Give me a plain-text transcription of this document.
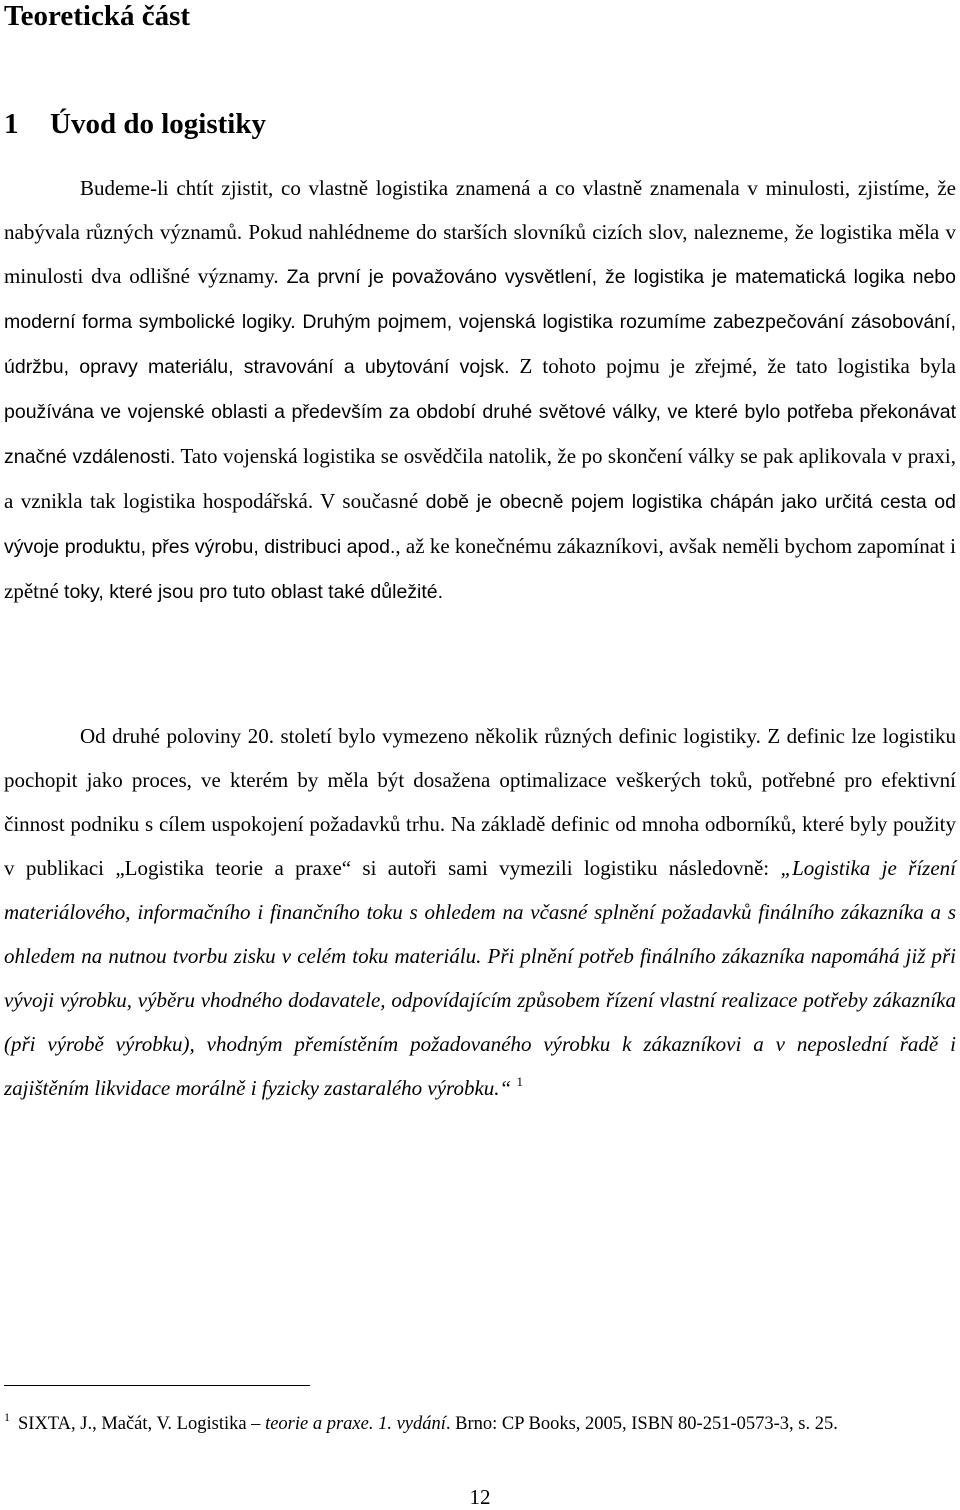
Teoretická část
1 Úvod do logistiky

Budeme-li chtít zjistit, co vlastně logistika znamená a co vlastně znamenala v minulosti, zjistíme, že nabývala různých významů. Pokud nahlédneme do starších slovníků cizích slov, nalezneme, že logistika měla v minulosti dva odlišné významy. Za první je považováno vysvětlení, že logistika je matematická logika nebo moderní forma symbolické logiky. Druhým pojmem, vojenská logistika rozumíme zabezpečování zásobování, údržbu, opravy materiálu, stravování a ubytování vojsk. Z tohoto pojmu je zřejmé, že tato logistika byla používána ve vojenské oblasti a především za období druhé světové války, ve které bylo potřeba překonávat značné vzdálenosti. Tato vojenská logistika se osvědčila natolik, že po skončení války se pak aplikovala v praxi, a vznikla tak logistika hospodářská. V současné době je obecně pojem logistika chápán jako určitá cesta od vývoje produktu, přes výrobu, distribuci apod., až ke konečnému zákazníkovi, avšak neměli bychom zapomínat i zpětné toky, které jsou pro tuto oblast také důležité.

Od druhé poloviny 20. století bylo vymezeno několik různých definic logistiky. Z definic lze logistiku pochopit jako proces, ve kterém by měla být dosažena optimalizace veškerých toků, potřebné pro efektivní činnost podniku s cílem uspokojení požadavků trhu. Na základě definic od mnoha odborníků, které byly použity v publikaci „Logistika teorie a praxe“ si autoři sami vymezili logistiku následovně: „Logistika je řízení materiálového, informačního i finančního toku s ohledem na včasné splnění požadavků finálního zákazníka a s ohledem na nutnou tvorbu zisku v celém toku materiálu. Při plnění potřeb finálního zákazníka napomáhá již při vývoji výrobku, výběru vhodného dodavatele, odpovídajícím způsobem řízení vlastní realizace potřeby zákazníka (při výrobě výrobku), vhodným přemístěním požadovaného výrobku k zákazníkovi a v neposlední řadě i zajištěním likvidace morálně i fyzicky zastaralého výrobku.“ $^1$

$^1$ SIXTA, J., Mačát, V. Logistika – teorie a praxe. 1. vydání. Brno: CP Books, 2005, ISBN 80-251-0573-3, s. 25.

12
